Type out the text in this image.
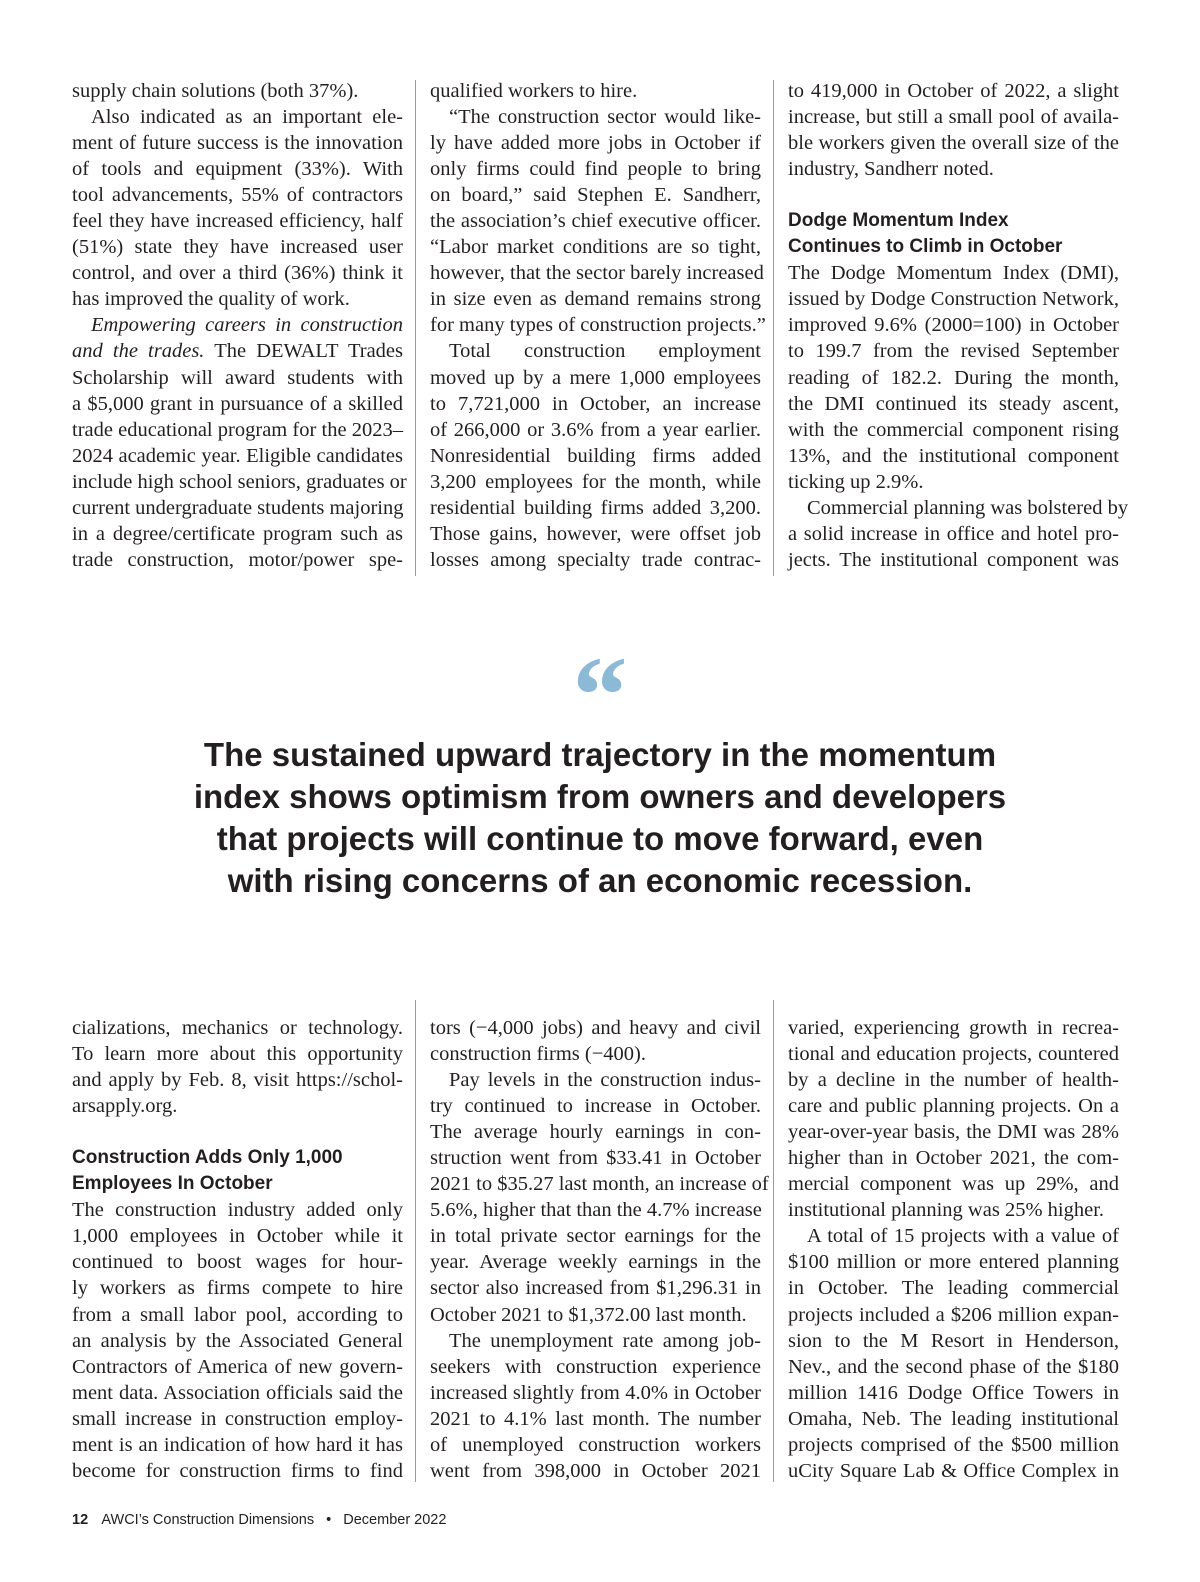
supply chain solutions (both 37%).
Also indicated as an important ele-
ment of future success is the innovation
of tools and equipment (33%). With
tool advancements, 55% of contractors
feel they have increased efficiency, half
(51%) state they have increased user
control, and over a third (36%) think it
has improved the quality of work.
Empowering careers in construction
and the trades. The DEWALT Trades
Scholarship will award students with
a $5,000 grant in pursuance of a skilled
trade educational program for the 2023–
2024 academic year. Eligible candidates
include high school seniors, graduates or
current undergraduate students majoring
in a degree/certificate program such as
trade construction, motor/power spe-
qualified workers to hire.
“The construction sector would like-
ly have added more jobs in October if
only firms could find people to bring
on board,” said Stephen E. Sandherr,
the association’s chief executive officer.
“Labor market conditions are so tight,
however, that the sector barely increased
in size even as demand remains strong
for many types of construction projects.”
Total construction employment
moved up by a mere 1,000 employees
to 7,721,000 in October, an increase
of 266,000 or 3.6% from a year earlier.
Nonresidential building firms added
3,200 employees for the month, while
residential building firms added 3,200.
Those gains, however, were offset job
losses among specialty trade contrac-
to 419,000 in October of 2022, a slight
increase, but still a small pool of availa-
ble workers given the overall size of the
industry, Sandherr noted.

Dodge Momentum Index
Continues to Climb in October
The Dodge Momentum Index (DMI),
issued by Dodge Construction Network,
improved 9.6% (2000=100) in October
to 199.7 from the revised September
reading of 182.2. During the month,
the DMI continued its steady ascent,
with the commercial component rising
13%, and the institutional component
ticking up 2.9%.
Commercial planning was bolstered by
a solid increase in office and hotel pro-
jects. The institutional component was
“
The sustained upward trajectory in the momentum
index shows optimism from owners and developers
that projects will continue to move forward, even
with rising concerns of an economic recession.
cializations, mechanics or technology.
To learn more about this opportunity
and apply by Feb. 8, visit https://schol-
arsapply.org.

Construction Adds Only 1,000
Employees In October
The construction industry added only
1,000 employees in October while it
continued to boost wages for hour-
ly workers as firms compete to hire
from a small labor pool, according to
an analysis by the Associated General
Contractors of America of new govern-
ment data. Association officials said the
small increase in construction employ-
ment is an indication of how hard it has
become for construction firms to find
tors (−4,000 jobs) and heavy and civil
construction firms (−400).
Pay levels in the construction indus-
try continued to increase in October.
The average hourly earnings in con-
struction went from $33.41 in October
2021 to $35.27 last month, an increase of
5.6%, higher that than the 4.7% increase
in total private sector earnings for the
year. Average weekly earnings in the
sector also increased from $1,296.31 in
October 2021 to $1,372.00 last month.
The unemployment rate among job-
seekers with construction experience
increased slightly from 4.0% in October
2021 to 4.1% last month. The number
of unemployed construction workers
went from 398,000 in October 2021
varied, experiencing growth in recrea-
tional and education projects, countered
by a decline in the number of health-
care and public planning projects. On a
year-over-year basis, the DMI was 28%
higher than in October 2021, the com-
mercial component was up 29%, and
institutional planning was 25% higher.
A total of 15 projects with a value of
$100 million or more entered planning
in October. The leading commercial
projects included a $206 million expan-
sion to the M Resort in Henderson,
Nev., and the second phase of the $180
million 1416 Dodge Office Towers in
Omaha, Neb. The leading institutional
projects comprised of the $500 million
uCity Square Lab & Office Complex in
12 AWCI’s Construction Dimensions • December 2022
